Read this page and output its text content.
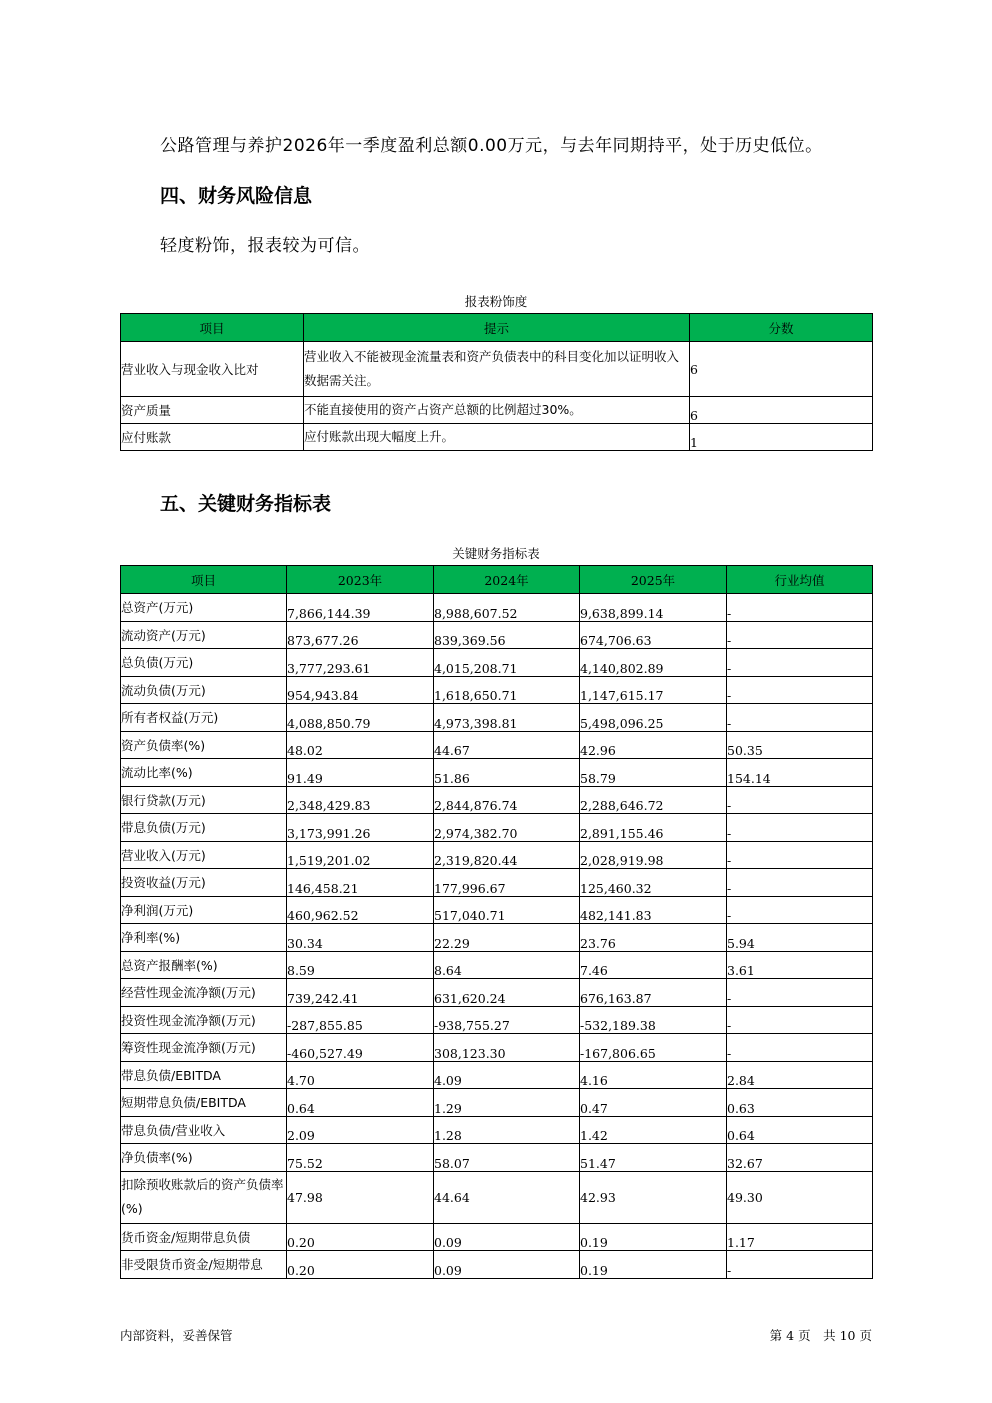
公路管理与养护2026年一季度盈利总额0.00万元，与去年同期持平，处于历史低位。
四、财务风险信息
轻度粉饰，报表较为可信。
报表粉饰度
项目	提示	分数
营业收入与现金收入比对	营业收入不能被现金流量表和资产负债表中的科目变化加以证明收入数据需关注。	6
资产质量	不能直接使用的资产占资产总额的比例超过30%。	6
应付账款	应付账款出现大幅度上升。	1
五、关键财务指标表
关键财务指标表
项目	2023年	2024年	2025年	行业均值
总资产(万元)	7,866,144.39	8,988,607.52	9,638,899.14	-
流动资产(万元)	873,677.26	839,369.56	674,706.63	-
总负债(万元)	3,777,293.61	4,015,208.71	4,140,802.89	-
流动负债(万元)	954,943.84	1,618,650.71	1,147,615.17	-
所有者权益(万元)	4,088,850.79	4,973,398.81	5,498,096.25	-
资产负债率(%)	48.02	44.67	42.96	50.35
流动比率(%)	91.49	51.86	58.79	154.14
银行贷款(万元)	2,348,429.83	2,844,876.74	2,288,646.72	-
带息负债(万元)	3,173,991.26	2,974,382.70	2,891,155.46	-
营业收入(万元)	1,519,201.02	2,319,820.44	2,028,919.98	-
投资收益(万元)	146,458.21	177,996.67	125,460.32	-
净利润(万元)	460,962.52	517,040.71	482,141.83	-
净利率(%)	30.34	22.29	23.76	5.94
总资产报酬率(%)	8.59	8.64	7.46	3.61
经营性现金流净额(万元)	739,242.41	631,620.24	676,163.87	-
投资性现金流净额(万元)	-287,855.85	-938,755.27	-532,189.38	-
筹资性现金流净额(万元)	-460,527.49	308,123.30	-167,806.65	-
带息负债/EBITDA	4.70	4.09	4.16	2.84
短期带息负债/EBITDA	0.64	1.29	0.47	0.63
带息负债/营业收入	2.09	1.28	1.42	0.64
净负债率(%)	75.52	58.07	51.47	32.67
扣除预收账款后的资产负债率(%)	47.98	44.64	42.93	49.30
货币资金/短期带息负债	0.20	0.09	0.19	1.17
非受限货币资金/短期带息	0.20	0.09	0.19	-
内部资料，妥善保管	第 4 页　共 10 页
